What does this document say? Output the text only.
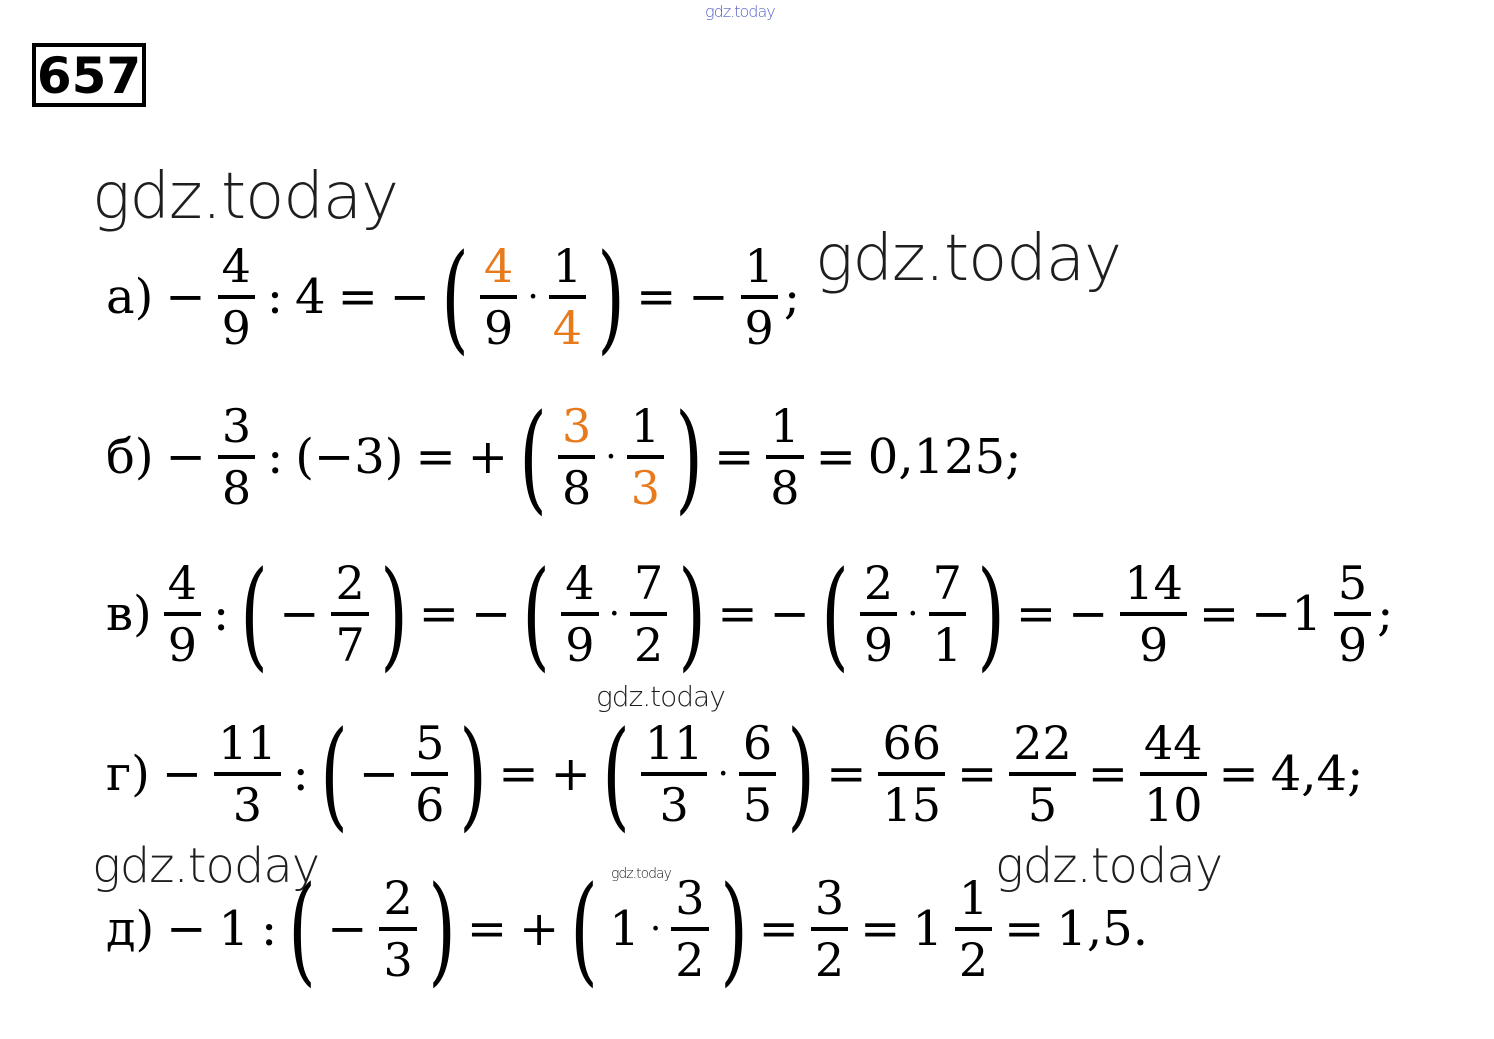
657
gdz.today
gdz.today
gdz.today
gdz.today
gdz.today	gdz.today	gdz.today
$а) - \frac{4}{9}$ : 4 = − ( $\frac{4}{9} \cdot \frac{1}{4}$ ) = − $\frac{1}{9}$ ;
$б) - \frac{3}{8}$ : (−3) = + ( $\frac{3}{8} \cdot \frac{1}{3}$ ) = $\frac{1}{8} = 0,125$;
$в) \frac{4}{9}$ : ( − $\frac{2}{7}$ ) = − ( $\frac{4}{9} \cdot \frac{7}{2}$ ) = − ( $\frac{2}{9} \cdot \frac{7}{1}$ ) = − $\frac{14}{9} = -1 \frac{5}{9}$ ;
$г) - \frac{11}{3}$ : ( − $\frac{5}{6}$ ) = + ( $\frac{11}{3} \cdot \frac{6}{5}$ ) = $\frac{66}{15} = \frac{22}{5} = \frac{44}{10} = 4,4$;
д) − 1 : ( − $\frac{2}{3}$ ) = + ( $1 \cdot \frac{3}{2}$ ) = $\frac{3}{2} = 1 \frac{1}{2} = 1,5$.
